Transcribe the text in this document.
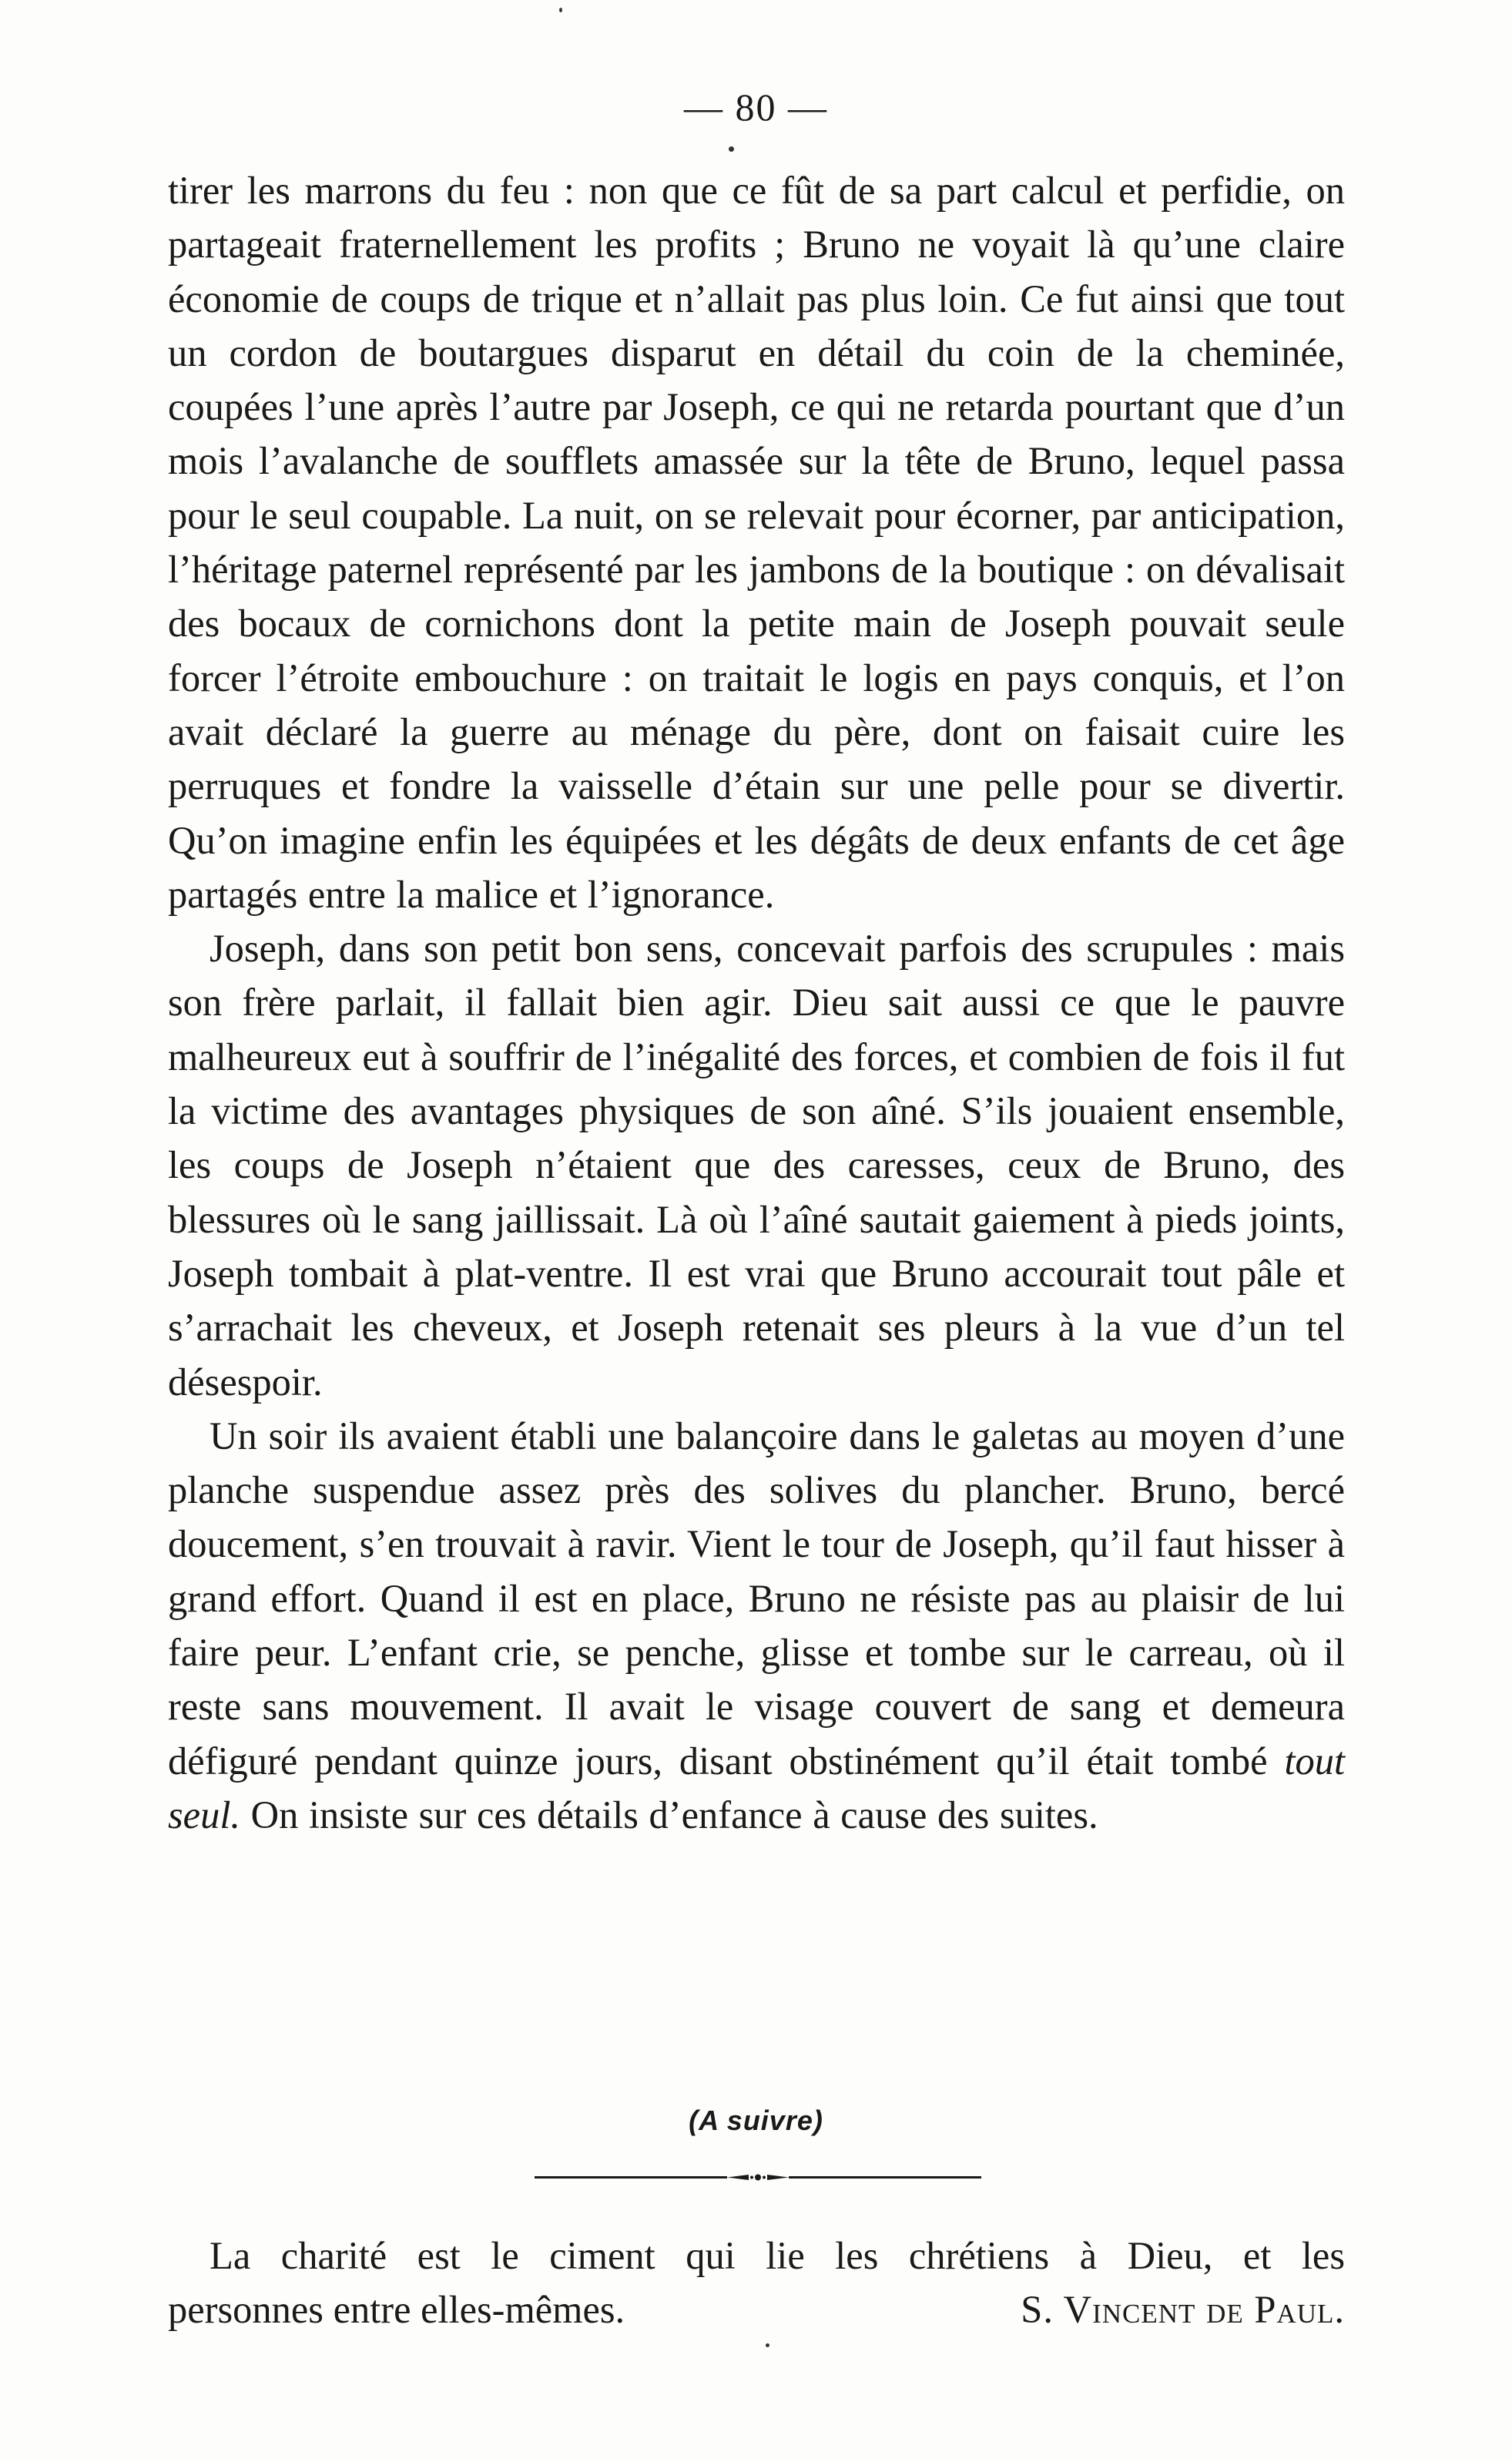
— 80 —

tirer les marrons du feu : non que ce fût de sa part calcul et perfidie, on partageait fraternellement les profits ; Bruno ne voyait là qu’une claire économie de coups de trique et n’allait pas plus loin. Ce fut ainsi que tout un cordon de boutargues disparut en détail du coin de la cheminée, coupées l’une après l’autre par Joseph, ce qui ne retarda pourtant que d’un mois l’avalanche de soufflets amassée sur la tête de Bruno, lequel passa pour le seul coupable. La nuit, on se relevait pour écorner, par anticipation, l’héritage paternel représenté par les jambons de la boutique : on dévalisait des bocaux de cornichons dont la petite main de Joseph pouvait seule forcer l’étroite embouchure : on traitait le logis en pays conquis, et l’on avait déclaré la guerre au ménage du père, dont on faisait cuire les perruques et fondre la vaisselle d’étain sur une pelle pour se divertir. Qu’on imagine enfin les équipées et les dégâts de deux enfants de cet âge partagés entre la malice et l’ignorance.

Joseph, dans son petit bon sens, concevait parfois des scrupules : mais son frère parlait, il fallait bien agir. Dieu sait aussi ce que le pauvre malheureux eut à souffrir de l’inégalité des forces, et combien de fois il fut la victime des avantages physiques de son aîné. S’ils jouaient ensemble, les coups de Joseph n’étaient que des caresses, ceux de Bruno, des blessures où le sang jaillissait. Là où l’aîné sautait gaiement à pieds joints, Joseph tombait à plat-ventre. Il est vrai que Bruno accourait tout pâle et s’arrachait les cheveux, et Joseph retenait ses pleurs à la vue d’un tel désespoir.

Un soir ils avaient établi une balançoire dans le galetas au moyen d’une planche suspendue assez près des solives du plancher. Bruno, bercé doucement, s’en trouvait à ravir. Vient le tour de Joseph, qu’il faut hisser à grand effort. Quand il est en place, Bruno ne résiste pas au plaisir de lui faire peur. L’enfant crie, se penche, glisse et tombe sur le carreau, où il reste sans mouvement. Il avait le visage couvert de sang et demeura défiguré pendant quinze jours, disant obstinément qu’il était tombé tout seul. On insiste sur ces détails d’enfance à cause des suites.

(A suivre)
La charité est le ciment qui lie les chrétiens à Dieu, et les
personnes entre elles-mêmes.	S. Vincent de Paul.
